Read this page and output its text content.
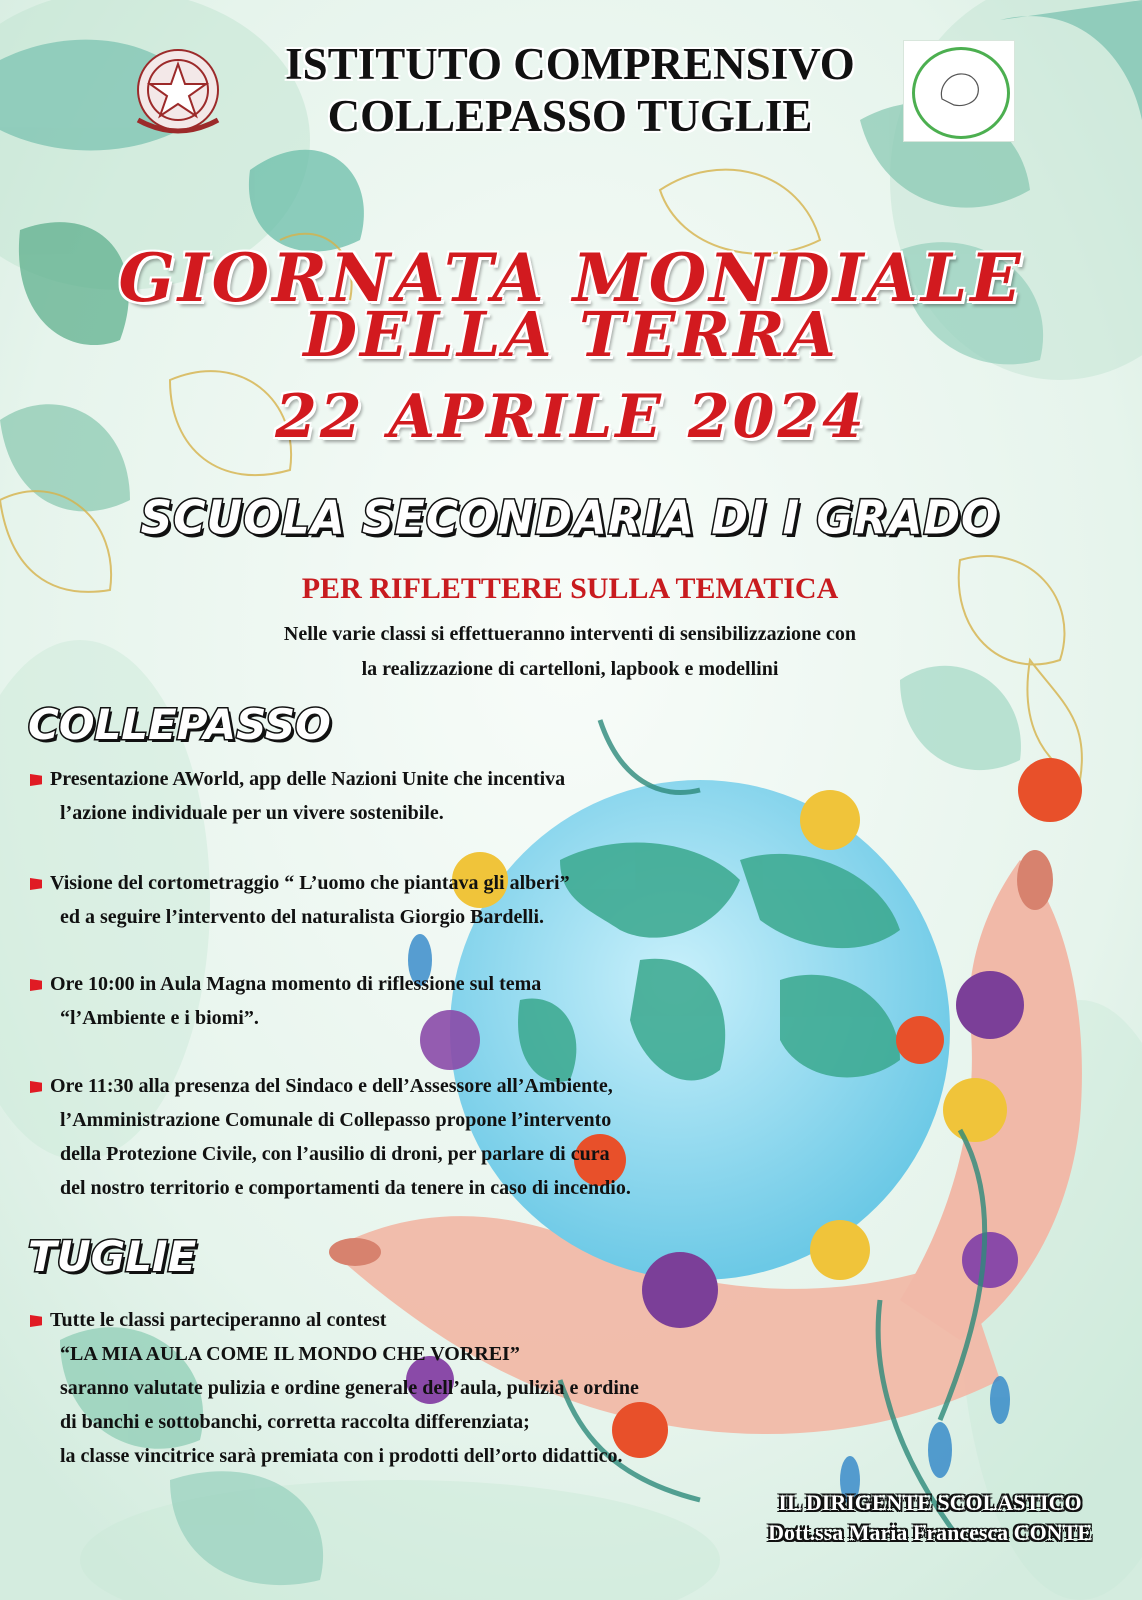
ISTITUTO COMPRENSIVO
COLLEPASSO TUGLIE
GIORNATA MONDIALE
DELLA TERRA
22 APRILE 2024
SCUOLA SECONDARIA DI I GRADO
PER RIFLETTERE SULLA TEMATICA
Nelle varie classi si effettueranno interventi di sensibilizzazione con
la realizzazione di cartelloni, lapbook e modellini
COLLEPASSO

Presentazione AWorld, app delle Nazioni Unite che incentiva
l’azione individuale per un vivere sostenibile.

Visione del cortometraggio “ L’uomo che piantava gli alberi”
ed a seguire l’intervento del naturalista Giorgio Bardelli.

Ore 10:00 in Aula Magna momento di riflessione sul tema
“l’Ambiente e i biomi”.

Ore 11:30 alla presenza del Sindaco e dell’Assessore all’Ambiente,
l’Amministrazione Comunale di Collepasso propone l’intervento
della Protezione Civile, con l’ausilio di droni, per parlare di cura
del nostro territorio e comportamenti da tenere in caso di incendio.

TUGLIE

Tutte le classi parteciperanno al contest
“LA MIA AULA COME IL MONDO CHE VORREI”
saranno valutate pulizia e ordine generale dell’aula, pulizia e ordine
di banchi e sottobanchi, corretta raccolta differenziata;
la classe vincitrice sarà premiata con i prodotti dell’orto didattico.

IL DIRIGENTE SCOLASTICO
Dott.ssa Maria Francesca CONTE
